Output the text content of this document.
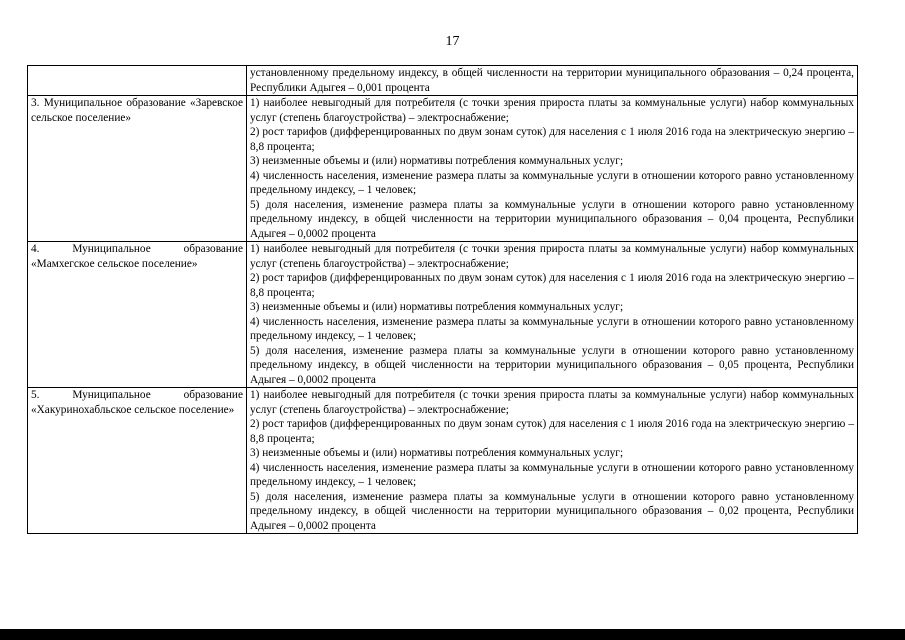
17

	установленному предельному индексу, в общей численности на территории муниципального образования – 0,24 процента, Республики Адыгея – 0,001 процента

3. Муниципальное образование «Заревское сельское поселение»	1) наиболее невыгодный для потребителя (с точки зрения прироста платы за коммунальные услуги) набор коммунальных услуг (степень благоустройства) – электроснабжение;
2) рост тарифов (дифференцированных по двум зонам суток) для населения с 1 июля 2016 года на электрическую энергию – 8,8 процента;
3) неизменные объемы и (или) нормативы потребления коммунальных услуг;
4) численность населения, изменение размера платы за коммунальные услуги в отношении которого равно установленному предельному индексу, – 1 человек;
5) доля населения, изменение размера платы за коммунальные услуги в отношении которого равно установленному предельному индексу, в общей численности на территории муниципального образования – 0,04 процента, Республики Адыгея – 0,0002 процента

4. Муниципальное образование «Мамхегское сельское поселение»	1) наиболее невыгодный для потребителя (с точки зрения прироста платы за коммунальные услуги) набор коммунальных услуг (степень благоустройства) – электроснабжение;
2) рост тарифов (дифференцированных по двум зонам суток) для населения с 1 июля 2016 года на электрическую энергию – 8,8 процента;
3) неизменные объемы и (или) нормативы потребления коммунальных услуг;
4) численность населения, изменение размера платы за коммунальные услуги в отношении которого равно установленному предельному индексу, – 1 человек;
5) доля населения, изменение размера платы за коммунальные услуги в отношении которого равно установленному предельному индексу, в общей численности на территории муниципального образования – 0,05 процента, Республики Адыгея – 0,0002 процента

5. Муниципальное образование «Хакуринохабльское сельское поселение»	1) наиболее невыгодный для потребителя (с точки зрения прироста платы за коммунальные услуги) набор коммунальных услуг (степень благоустройства) – электроснабжение;
2) рост тарифов (дифференцированных по двум зонам суток) для населения с 1 июля 2016 года на электрическую энергию – 8,8 процента;
3) неизменные объемы и (или) нормативы потребления коммунальных услуг;
4) численность населения, изменение размера платы за коммунальные услуги в отношении которого равно установленному предельному индексу, – 1 человек;
5) доля населения, изменение размера платы за коммунальные услуги в отношении которого равно установленному предельному индексу, в общей численности на территории муниципального образования – 0,02 процента, Республики Адыгея – 0,0002 процента
